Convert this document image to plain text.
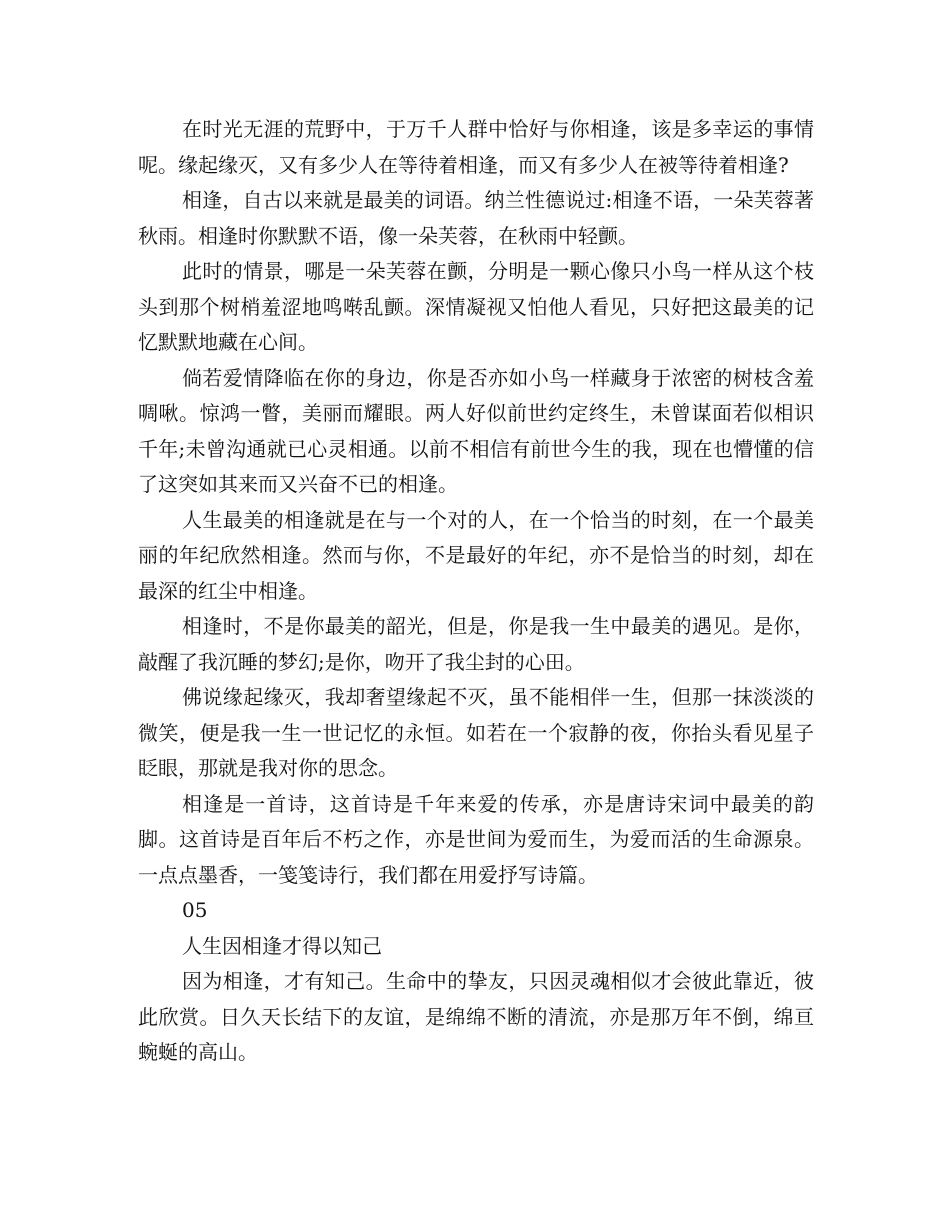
在时光无涯的荒野中，于万千人群中恰好与你相逢，该是多幸运的事情呢。缘起缘灭，又有多少人在等待着相逢，而又有多少人在被等待着相逢?

相逢，自古以来就是最美的词语。纳兰性德说过:相逢不语，一朵芙蓉著秋雨。相逢时你默默不语，像一朵芙蓉，在秋雨中轻颤。

此时的情景，哪是一朵芙蓉在颤，分明是一颗心像只小鸟一样从这个枝头到那个树梢羞涩地鸣啭乱颤。深情凝视又怕他人看见，只好把这最美的记忆默默地藏在心间。

倘若爱情降临在你的身边，你是否亦如小鸟一样藏身于浓密的树枝含羞啁啾。惊鸿一瞥，美丽而耀眼。两人好似前世约定终生，未曾谋面若似相识千年;未曾沟通就已心灵相通。以前不相信有前世今生的我，现在也懵懂的信了这突如其来而又兴奋不已的相逢。

人生最美的相逢就是在与一个对的人，在一个恰当的时刻，在一个最美丽的年纪欣然相逢。然而与你，不是最好的年纪，亦不是恰当的时刻，却在最深的红尘中相逢。

相逢时，不是你最美的韶光，但是，你是我一生中最美的遇见。是你，敲醒了我沉睡的梦幻;是你，吻开了我尘封的心田。

佛说缘起缘灭，我却奢望缘起不灭，虽不能相伴一生，但那一抹淡淡的微笑，便是我一生一世记忆的永恒。如若在一个寂静的夜，你抬头看见星子眨眼，那就是我对你的思念。

相逢是一首诗，这首诗是千年来爱的传承，亦是唐诗宋词中最美的韵脚。这首诗是百年后不朽之作，亦是世间为爱而生，为爱而活的生命源泉。一点点墨香，一笺笺诗行，我们都在用爱抒写诗篇。

05

人生因相逢才得以知己

因为相逢，才有知己。生命中的挚友，只因灵魂相似才会彼此靠近，彼此欣赏。日久天长结下的友谊，是绵绵不断的清流，亦是那万年不倒，绵亘蜿蜒的高山。
